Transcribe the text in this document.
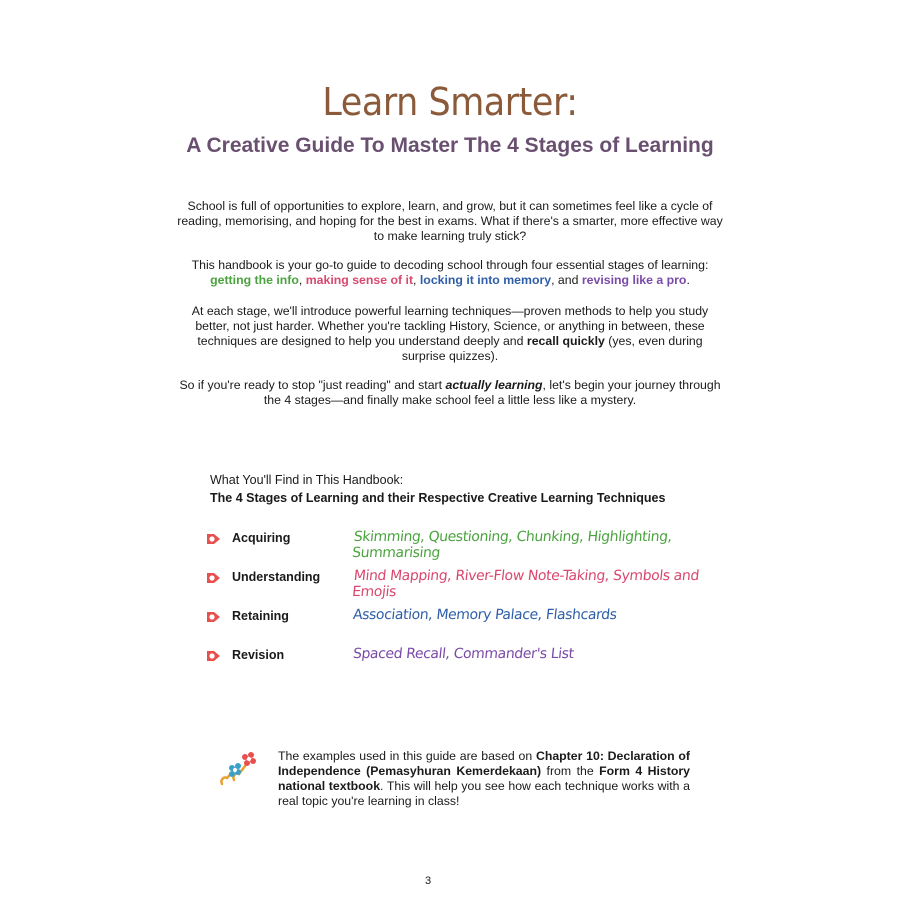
Learn Smarter:
A Creative Guide To Master The 4 Stages of Learning
School is full of opportunities to explore, learn, and grow, but it can sometimes feel like a cycle of reading, memorising, and hoping for the best in exams. What if there's a smarter, more effective way to make learning truly stick?
This handbook is your go-to guide to decoding school through four essential stages of learning:
getting the info, making sense of it, locking it into memory, and revising like a pro.
At each stage, we'll introduce powerful learning techniques—proven methods to help you study better, not just harder. Whether you're tackling History, Science, or anything in between, these techniques are designed to help you understand deeply and recall quickly (yes, even during surprise quizzes).
So if you're ready to stop "just reading" and start actually learning, let's begin your journey through the 4 stages—and finally make school feel a little less like a mystery.
What You'll Find in This Handbook:
The 4 Stages of Learning and their Respective Creative Learning Techniques
Acquiring	Skimming, Questioning, Chunking, Highlighting, Summarising
Understanding Mind Mapping, River-Flow Note-Taking, Symbols and Emojis
Retaining	Association, Memory Palace, Flashcards
Revision	Spaced Recall, Commander's List
The examples used in this guide are based on Chapter 10: Declaration of Independence (Pemasyhuran Kemerdekaan) from the Form 4 History national textbook. This will help you see how each technique works with a real topic you're learning in class!
3
